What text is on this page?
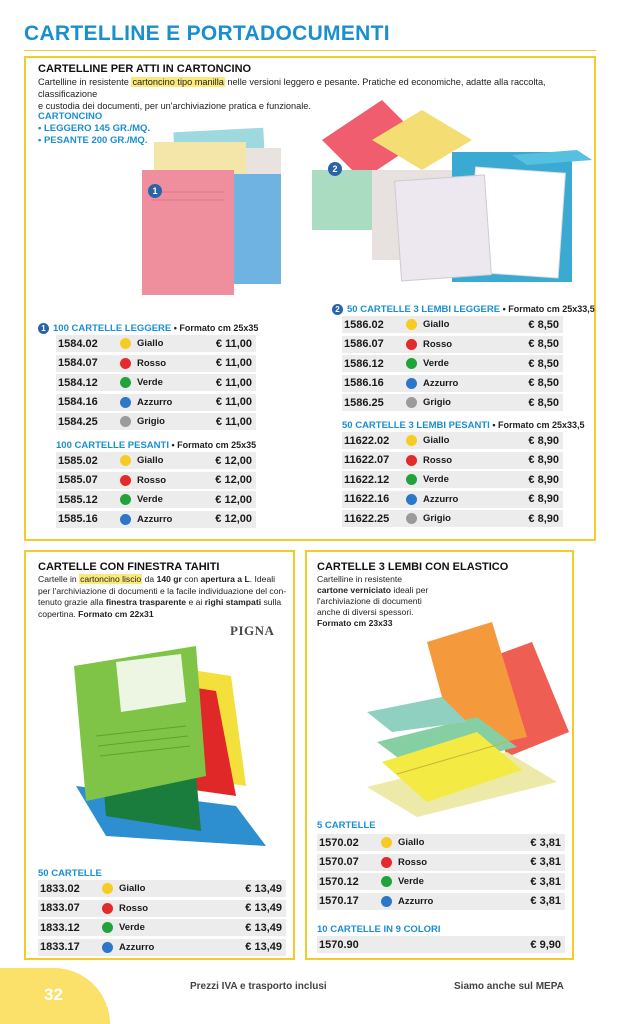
CARTELLINE E PORTADOCUMENTI
CARTELLINE PER ATTI IN CARTONCINO
Cartelline in resistente cartoncino tipo manilla nelle versioni leggero e pesante. Pratiche ed economiche, adatte alla raccolta, classificazione
e custodia dei documenti, per un'archiviazione pratica e funzionale.
CARTONCINO
• LEGGERO 145 GR./MQ.
• PESANTE 200 GR./MQ.
1
2
1 100 CARTELLE LEGGERE • Formato cm 25x35
1584.02	Giallo	€ 11,00
1584.07	Rosso	€ 11,00
1584.12	Verde	€ 11,00
1584.16	Azzurro	€ 11,00
1584.25	Grigio	€ 11,00
100 CARTELLE PESANTI • Formato cm 25x35
1585.02	Giallo	€ 12,00
1585.07	Rosso	€ 12,00
1585.12	Verde	€ 12,00
1585.16	Azzurro	€ 12,00
2 50 CARTELLE 3 LEMBI LEGGERE • Formato cm 25x33,5
1586.02	Giallo	€ 8,50
1586.07	Rosso	€ 8,50
1586.12	Verde	€ 8,50
1586.16	Azzurro	€ 8,50
1586.25	Grigio	€ 8,50
50 CARTELLE 3 LEMBI PESANTI • Formato cm 25x33,5
11622.02	Giallo	€ 8,90
11622.07	Rosso	€ 8,90
11622.12	Verde	€ 8,90
11622.16	Azzurro	€ 8,90
11622.25	Grigio	€ 8,90
CARTELLE CON FINESTRA TAHITI
Cartelle in cartoncino liscio da 140 gr con apertura a L. Ideali
per l'archiviazione di documenti e la facile individuazione del con-
tenuto grazie alla finestra trasparente e ai righi stampati sulla
copertina. Formato cm 22x31
PIGNA
50 CARTELLE
1833.02	Giallo	€ 13,49
1833.07	Rosso	€ 13,49
1833.12	Verde	€ 13,49
1833.17	Azzurro	€ 13,49
CARTELLE 3 LEMBI CON ELASTICO
Cartelline in resistente
cartone verniciato ideali per
l'archiviazione di documenti
anche di diversi spessori.
Formato cm 23x33
5 CARTELLE
1570.02	Giallo	€ 3,81
1570.07	Rosso	€ 3,81
1570.12	Verde	€ 3,81
1570.17	Azzurro	€ 3,81
10 CARTELLE IN 9 COLORI
1570.90	€ 9,90
32	Prezzi IVA e trasporto inclusi	Siamo anche sul MEPA
